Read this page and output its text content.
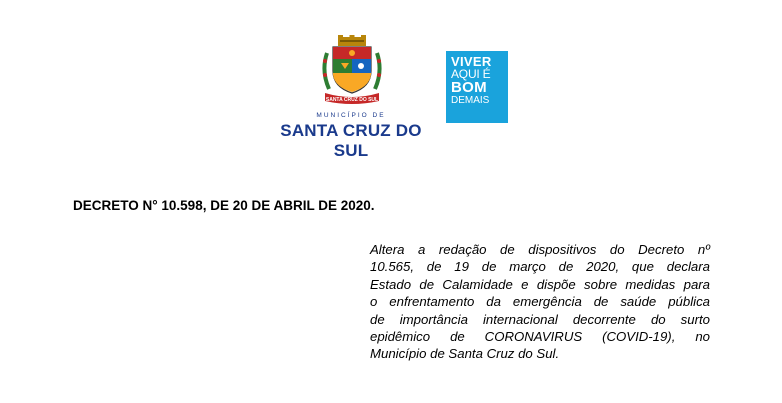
SANTA CRUZ DO SUL
MUNICÍPIO DE
SANTA CRUZ DO SUL
VIVER
AQUI É
BOM
DEMAIS
DECRETO N° 10.598, DE 20 DE ABRIL DE 2020.
Altera a redação de dispositivos do Decreto nº
10.565, de 19 de março de 2020, que declara
Estado de Calamidade e dispõe sobre medidas para
o enfrentamento da emergência de saúde pública
de importância internacional decorrente do surto
epidêmico de CORONAVIRUS (COVID-19), no
Município de Santa Cruz do Sul.
